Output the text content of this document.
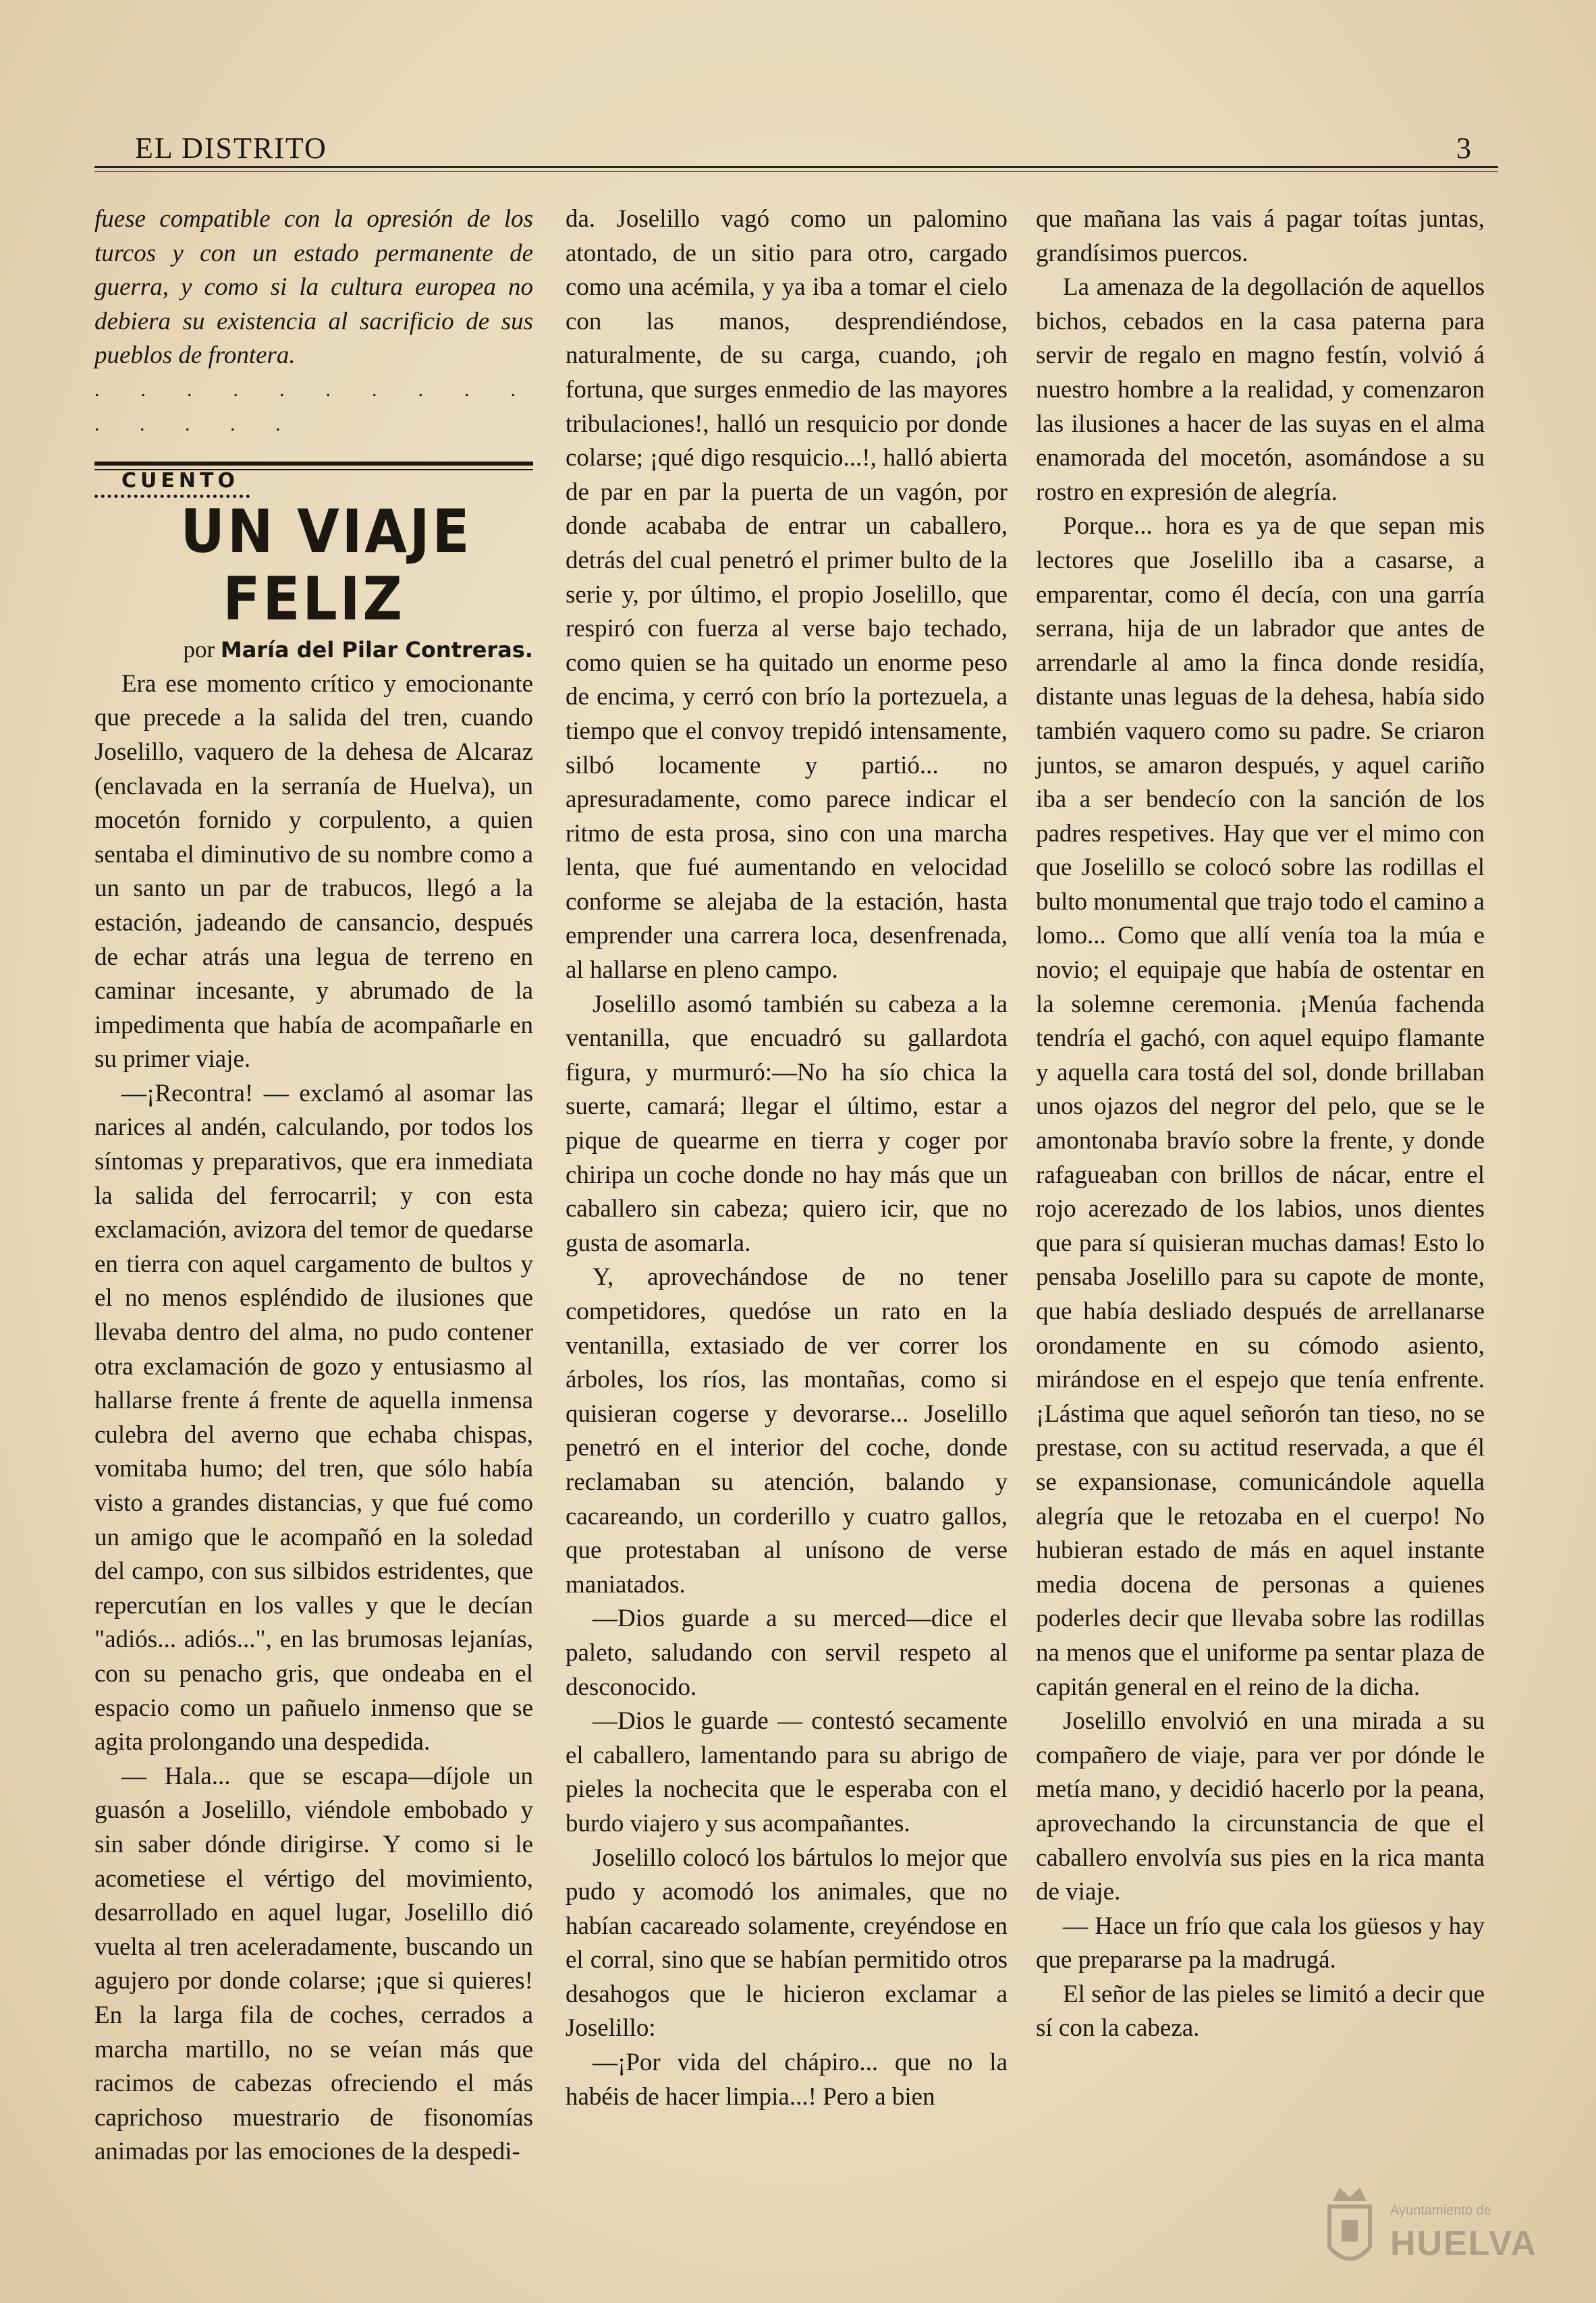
EL DISTRITO	3

fuese compatible con la opresión de los turcos y con un estado permanente de guerra, y como si la cultura europea no debiera su existencia al sacrificio de sus pueblos de frontera.

. . . . . . . . . . . . . . .

CUENTO

UN VIAJE FELIZ

por María del Pilar Contreras.

Era ese momento crítico y emocionante que precede a la salida del tren, cuando Joselillo, vaquero de la dehesa de Alcaraz (enclavada en la serranía de Huelva), un mocetón fornido y corpulento, a quien sentaba el diminutivo de su nombre como a un santo un par de trabucos, llegó a la estación, jadeando de cansancio, después de echar atrás una legua de terreno en caminar incesante, y abrumado de la impedimenta que había de acompañarle en su primer viaje.

—¡Recontra! — exclamó al asomar las narices al andén, calculando, por todos los síntomas y preparativos, que era inmediata la salida del ferrocarril; y con esta exclamación, avizora del temor de quedarse en tierra con aquel cargamento de bultos y el no menos espléndido de ilusiones que llevaba dentro del alma, no pudo contener otra exclamación de gozo y entusiasmo al hallarse frente á frente de aquella inmensa culebra del averno que echaba chispas, vomitaba humo; del tren, que sólo había visto a grandes distancias, y que fué como un amigo que le acompañó en la soledad del campo, con sus silbidos estridentes, que repercutían en los valles y que le decían "adiós... adiós...", en las brumosas lejanías, con su penacho gris, que ondeaba en el espacio como un pañuelo inmenso que se agita prolongando una despedida.

— Hala... que se escapa—díjole un guasón a Joselillo, viéndole embobado y sin saber dónde dirigirse. Y como si le acometiese el vértigo del movimiento, desarrollado en aquel lugar, Joselillo dió vuelta al tren aceleradamente, buscando un agujero por donde colarse; ¡que si quieres! En la larga fila de coches, cerrados a marcha martillo, no se veían más que racimos de cabezas ofreciendo el más caprichoso muestrario de fisonomías animadas por las emociones de la despedi-

da. Joselillo vagó como un palomino atontado, de un sitio para otro, cargado como una acémila, y ya iba a tomar el cielo con las manos, desprendiéndose, naturalmente, de su carga, cuando, ¡oh fortuna, que surges enmedio de las mayores tribulaciones!, halló un resquicio por donde colarse; ¡qué digo resquicio...!, halló abierta de par en par la puerta de un vagón, por donde acababa de entrar un caballero, detrás del cual penetró el primer bulto de la serie y, por último, el propio Joselillo, que respiró con fuerza al verse bajo techado, como quien se ha quitado un enorme peso de encima, y cerró con brío la portezuela, a tiempo que el convoy trepidó intensamente, silbó locamente y partió... no apresuradamente, como parece indicar el ritmo de esta prosa, sino con una marcha lenta, que fué aumentando en velocidad conforme se alejaba de la estación, hasta emprender una carrera loca, desenfrenada, al hallarse en pleno campo.

Joselillo asomó también su cabeza a la ventanilla, que encuadró su gallardota figura, y murmuró:—No ha sío chica la suerte, camará; llegar el último, estar a pique de quearme en tierra y coger por chiripa un coche donde no hay más que un caballero sin cabeza; quiero icir, que no gusta de asomarla.

Y, aprovechándose de no tener competidores, quedóse un rato en la ventanilla, extasiado de ver correr los árboles, los ríos, las montañas, como si quisieran cogerse y devorarse... Joselillo penetró en el interior del coche, donde reclamaban su atención, balando y cacareando, un corderillo y cuatro gallos, que protestaban al unísono de verse maniatados.

—Dios guarde a su merced—dice el paleto, saludando con servil respeto al desconocido.

—Dios le guarde — contestó secamente el caballero, lamentando para su abrigo de pieles la nochecita que le esperaba con el burdo viajero y sus acompañantes.

Joselillo colocó los bártulos lo mejor que pudo y acomodó los animales, que no habían cacareado solamente, creyéndose en el corral, sino que se habían permitido otros desahogos que le hicieron exclamar a Joselillo:

—¡Por vida del chápiro... que no la habéis de hacer limpia...! Pero a bien

que mañana las vais á pagar toítas juntas, grandísimos puercos.

La amenaza de la degollación de aquellos bichos, cebados en la casa paterna para servir de regalo en magno festín, volvió á nuestro hombre a la realidad, y comenzaron las ilusiones a hacer de las suyas en el alma enamorada del mocetón, asomándose a su rostro en expresión de alegría.

Porque... hora es ya de que sepan mis lectores que Joselillo iba a casarse, a emparentar, como él decía, con una garría serrana, hija de un labrador que antes de arrendarle al amo la finca donde residía, distante unas leguas de la dehesa, había sido también vaquero como su padre. Se criaron juntos, se amaron después, y aquel cariño iba a ser bendecío con la sanción de los padres respetives. Hay que ver el mimo con que Joselillo se colocó sobre las rodillas el bulto monumental que trajo todo el camino a lomo... Como que allí venía toa la múa e novio; el equipaje que había de ostentar en la solemne ceremonia. ¡Menúa fachenda tendría el gachó, con aquel equipo flamante y aquella cara tostá del sol, donde brillaban unos ojazos del negror del pelo, que se le amontonaba bravío sobre la frente, y donde rafagueaban con brillos de nácar, entre el rojo acerezado de los labios, unos dientes que para sí quisieran muchas damas! Esto lo pensaba Joselillo para su capote de monte, que había desliado después de arrellanarse orondamente en su cómodo asiento, mirándose en el espejo que tenía enfrente. ¡Lástima que aquel señorón tan tieso, no se prestase, con su actitud reservada, a que él se expansionase, comunicándole aquella alegría que le retozaba en el cuerpo! No hubieran estado de más en aquel instante media docena de personas a quienes poderles decir que llevaba sobre las rodillas na menos que el uniforme pa sentar plaza de capitán general en el reino de la dicha.

Joselillo envolvió en una mirada a su compañero de viaje, para ver por dónde le metía mano, y decidió hacerlo por la peana, aprovechando la circunstancia de que el caballero envolvía sus pies en la rica manta de viaje.

— Hace un frío que cala los güesos y hay que prepararse pa la madrugá.

El señor de las pieles se limitó a decir que sí con la cabeza.

Ayuntamiento de
HUELVA
